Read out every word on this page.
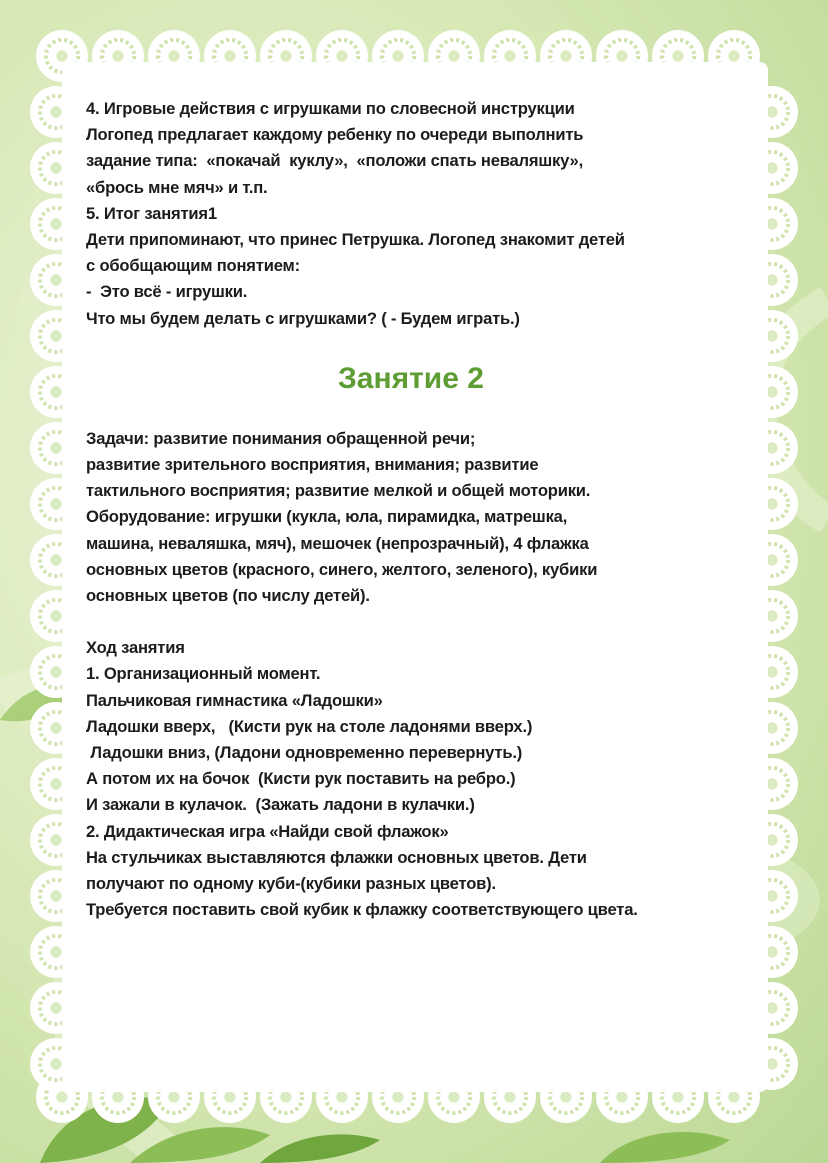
4. Игровые действия с игрушками по словесной инструкции

Логопед предлагает каждому ребенку по очереди выполнить

задание типа:  «покачай  куклу»,  «положи спать неваляшку»,

«брось мне мяч» и т.п.

5. Итог занятия1

Дети припоминают, что принес Петрушка. Логопед знакомит детей

с обобщающим понятием:

-  Это всё - игрушки.

Что мы будем делать с игрушками? ( - Будем играть.)

Занятие 2

Задачи: развитие понимания обращенной речи;

развитие зрительного восприятия, внимания; развитие

тактильного восприятия; развитие мелкой и общей моторики.

Оборудование: игрушки (кукла, юла, пирамидка, матрешка,

машина, неваляшка, мяч), мешочек (непрозрачный), 4 флажка

основных цветов (красного, синего, желтого, зеленого), кубики

основных цветов (по числу детей).

Ход занятия

1. Организационный момент.

Пальчиковая гимнастика «Ладошки»

Ладошки вверх,   (Кисти рук на столе ладонями вверх.)

Ладошки вниз, (Ладони одновременно перевернуть.)

А потом их на бочок  (Кисти рук поставить на ребро.)

И зажали в кулачок.  (Зажать ладони в кулачки.)

2. Дидактическая игра «Найди свой флажок»

На стульчиках выставляются флажки основных цветов. Дети

получают по одному куби-(кубики разных цветов).

Требуется поставить свой кубик к флажку соответствующего цвета.
